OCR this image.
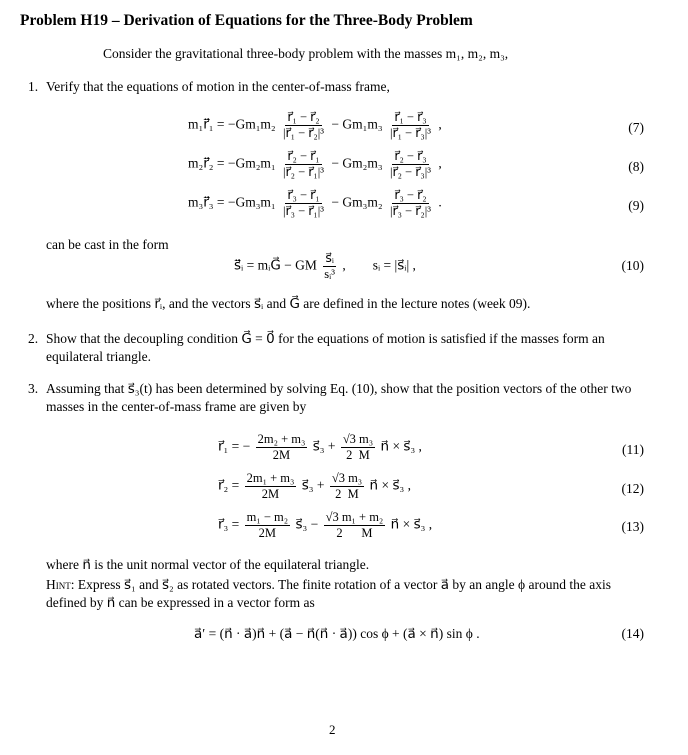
Problem H19 – Derivation of Equations for the Three-Body Problem
Consider the gravitational three-body problem with the masses m₁, m₂, m₃,
1. Verify that the equations of motion in the center-of-mass frame,
m₁r⃗̈₁ = $-Gm_1m_2 \frac{\text{r⃗₁ − r⃗₂}}{\text{|r⃗₁ − r⃗₂|³}} - Gm_1m_3 \frac{\text{r⃗₁ − r⃗₃}}{\text{|r⃗₁ − r⃗₃|³}}$ ,	(7)
m₂r⃗̈₂ = $-Gm_2m_1 \frac{\text{r⃗₂ − r⃗₁}}{\text{|r⃗₂ − r⃗₁|³}} - Gm_2m_3 \frac{\text{r⃗₂ − r⃗₃}}{\text{|r⃗₂ − r⃗₃|³}}$ ,	(8)
m₃r⃗̈₃ = $-Gm_3m_1 \frac{\text{r⃗₃ − r⃗₁}}{\text{|r⃗₃ − r⃗₁|³}} - Gm_3m_2 \frac{\text{r⃗₃ − r⃗₂}}{\text{|r⃗₃ − r⃗₂|³}}$ .	(9)
can be cast in the form
s⃗̈ᵢ = mᵢG⃗ − GM $\frac{\text{s⃗ᵢ}}{\text{sᵢ³}}$ ,        sᵢ = |s⃗ᵢ| ,	(10)
where the positions r⃗ᵢ, and the vectors s⃗ᵢ and G⃗ are defined in the lecture notes (week 09).
2. Show that the decoupling condition G⃗ = 0⃗ for the equations of motion is satisfied if the masses form an equilateral triangle.
3. Assuming that s⃗₃(t) has been determined by solving Eq. (10), show that the position vectors of the other two masses in the center-of-mass frame are given by
r⃗₁ = − $\frac{\text{2m₂ + m₃}}{2M}$ s⃗₃ + $\frac{\text{√3 m₃}}{2 M}$ n⃗ × s⃗₃ ,	(11)
r⃗₂ = $\frac{\text{2m₁ + m₃}}{2M}$ s⃗₃ + $\frac{\text{√3 m₃}}{2 M}$ n⃗ × s⃗₃ ,	(12)
r⃗₃ = $\frac{\text{m₁ − m₂}}{2M}$ s⃗₃ − $\frac{\text{√3 m₁ + m₂}}{2 M}$ n⃗ × s⃗₃ ,	(13)
where n⃗ is the unit normal vector of the equilateral triangle.
Hint: Express s⃗₁ and s⃗₂ as rotated vectors. The finite rotation of a vector a⃗ by an angle ϕ around the axis defined by n⃗ can be expressed in a vector form as
a⃗′ = (n⃗ · a⃗)n⃗ + (a⃗ − n⃗(n⃗ · a⃗)) cos ϕ + (a⃗ × n⃗) sin ϕ .	(14)
2
